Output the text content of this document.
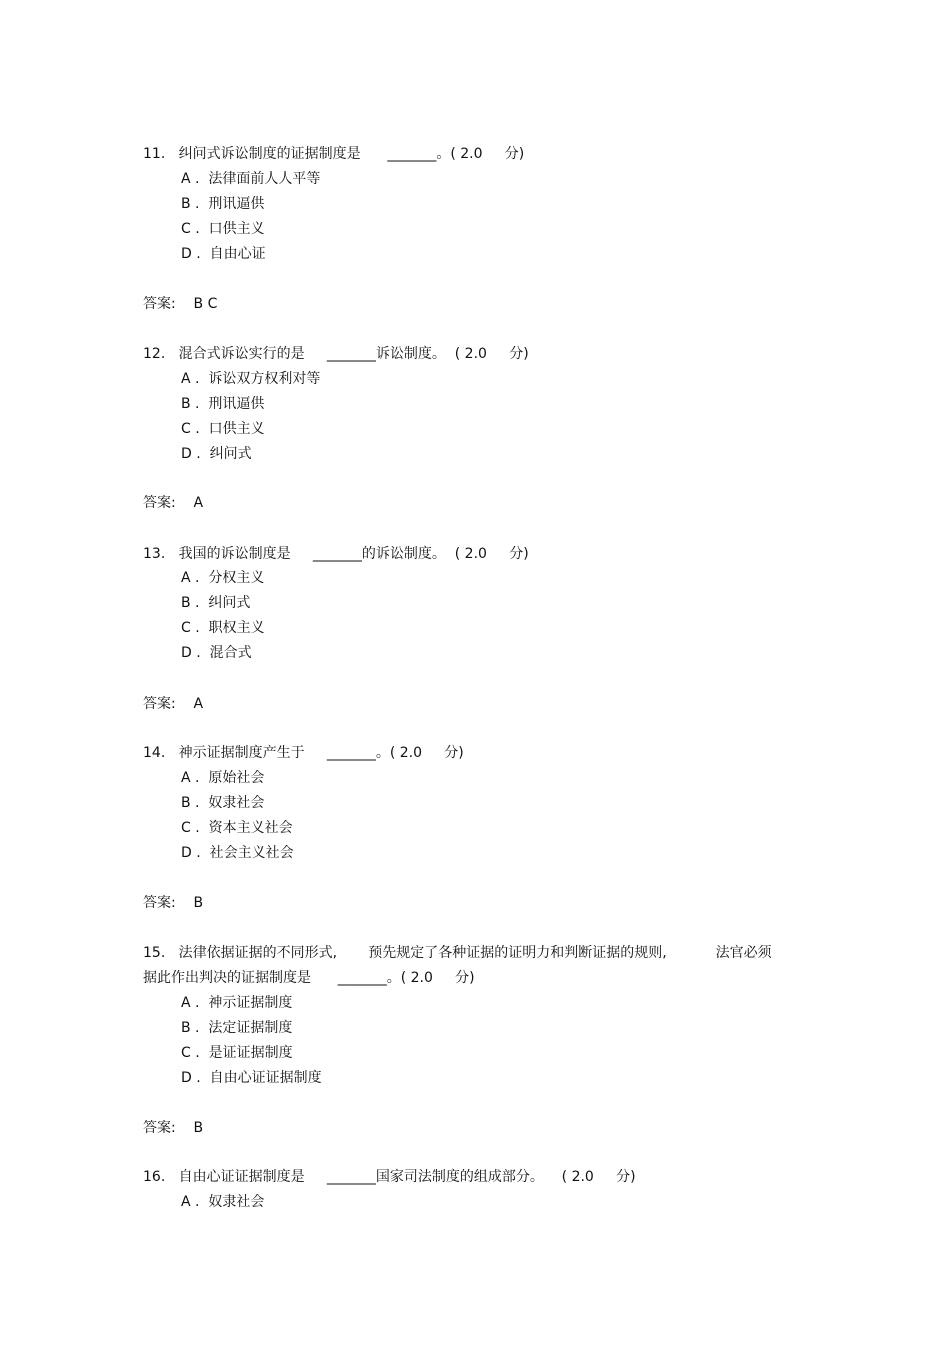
11.   纠问式诉讼制度的证据制度是      _______。( 2.0     分)
A .  法律面前人人平等
B .  刑讯逼供
C .  口供主义
D .  自由心证
答案:    B C
12.   混合式诉讼实行的是     _______诉讼制度。  ( 2.0     分)
A .  诉讼双方权利对等
B .  刑讯逼供
C .  口供主义
D .  纠问式
答案:    A
13.   我国的诉讼制度是     _______的诉讼制度。  ( 2.0     分)
A .  分权主义
B .  纠问式
C .  职权主义
D .  混合式
答案:    A
14.   神示证据制度产生于     _______。( 2.0     分)
A .  原始社会
B .  奴隶社会
C .  资本主义社会
D .  社会主义社会
答案:    B
15.   法律依据证据的不同形式,       预先规定了各种证据的证明力和判断证据的规则,           法官必须
据此作出判决的证据制度是      _______。( 2.0     分)
A .  神示证据制度
B .  法定证据制度
C .  是证证据制度
D .  自由心证证据制度
答案:    B
16.   自由心证证据制度是     _______国家司法制度的组成部分。    ( 2.0     分)
A .  奴隶社会
